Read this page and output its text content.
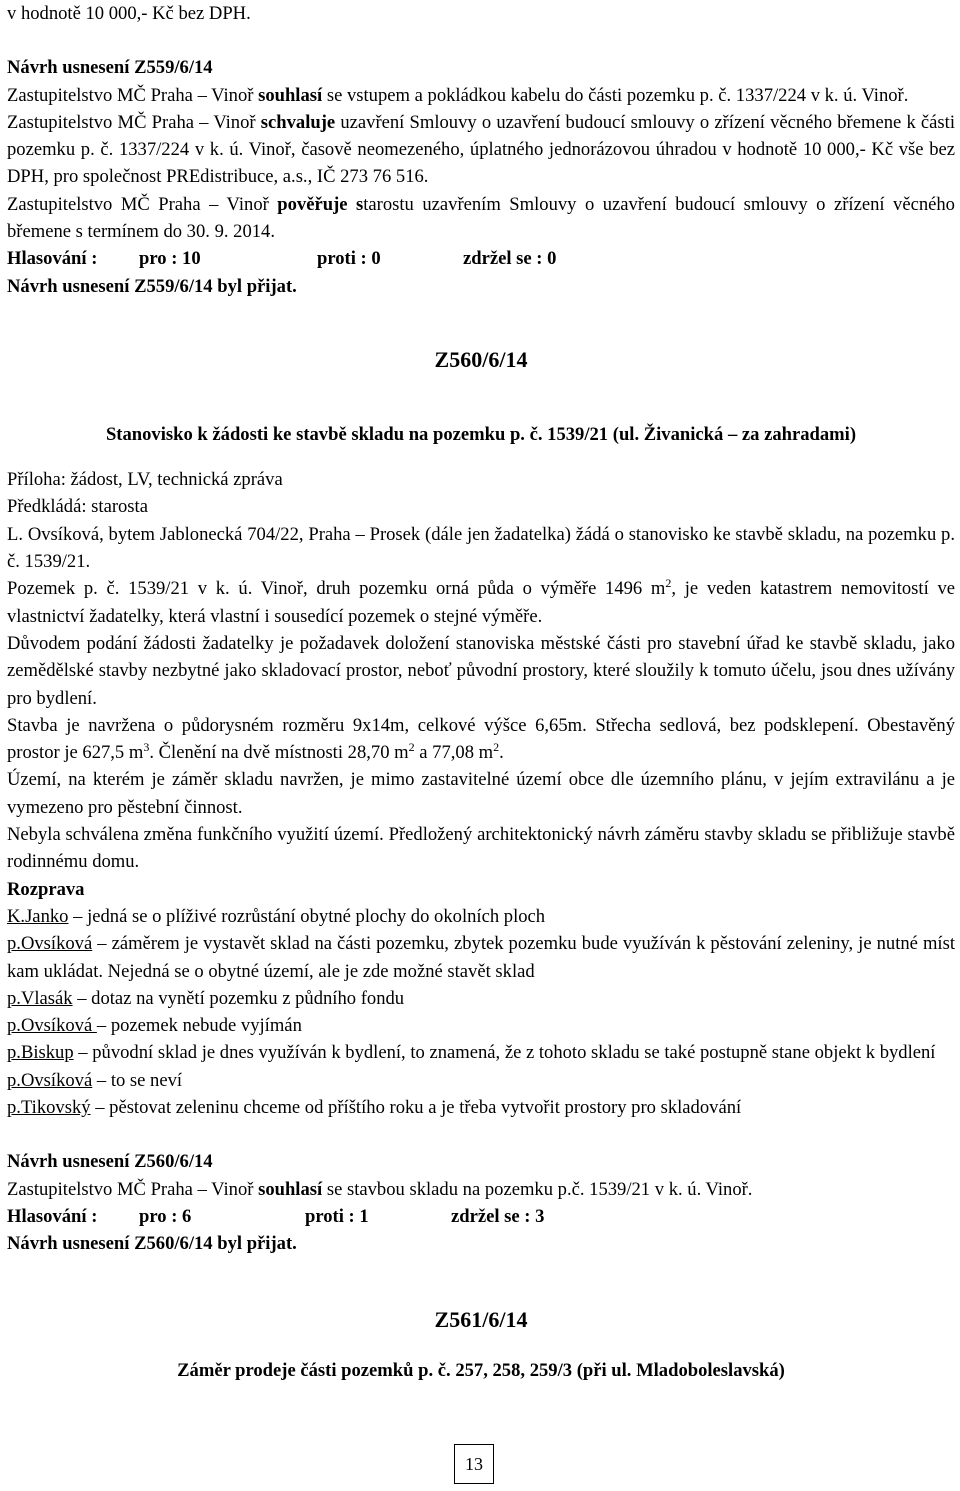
v hodnotě 10 000,- Kč bez DPH.

Návrh usnesení Z559/6/14

Zastupitelstvo MČ Praha – Vinoř souhlasí se vstupem a pokládkou kabelu do části pozemku p. č. 1337/224 v k. ú. Vinoř.

Zastupitelstvo MČ Praha – Vinoř schvaluje uzavření Smlouvy o uzavření budoucí smlouvy o zřízení věcného břemene k části pozemku p. č. 1337/224 v k. ú. Vinoř, časově neomezeného, úplatného jednorázovou úhradou v hodnotě 10 000,- Kč vše bez DPH, pro společnost PREdistribuce, a.s., IČ 273 76 516.

Zastupitelstvo MČ Praha – Vinoř pověřuje starostu uzavřením Smlouvy o uzavření budoucí smlouvy o zřízení věcného břemene s termínem do 30. 9. 2014.

Hlasování :	pro : 10	proti : 0	zdržel se : 0

Návrh usnesení Z559/6/14 byl přijat.

Z560/6/14

Stanovisko k žádosti ke stavbě skladu na pozemku p. č. 1539/21 (ul. Živanická – za zahradami)

Příloha: žádost, LV, technická zpráva

Předkládá: starosta

L. Ovsíková, bytem Jablonecká 704/22, Praha – Prosek (dále jen žadatelka) žádá o stanovisko ke stavbě skladu, na pozemku p. č. 1539/21.

Pozemek p. č. 1539/21 v k. ú. Vinoř, druh pozemku orná půda o výměře 1496 $m^2$, je veden katastrem nemovitostí ve vlastnictví žadatelky, která vlastní i sousedící pozemek o stejné výměře.

Důvodem podání žádosti žadatelky je požadavek doložení stanoviska městské části pro stavební úřad ke stavbě skladu, jako zemědělské stavby nezbytné jako skladovací prostor, neboť původní prostory, které sloužily k tomuto účelu, jsou dnes užívány pro bydlení.

Stavba je navržena o půdorysném rozměru 9x14m, celkové výšce 6,65m. Střecha sedlová, bez podsklepení. Obestavěný prostor je 627,5 $m^3$. Členění na dvě místnosti 28,70 $m^2$ a 77,08 $m^2$.

Území, na kterém je záměr skladu navržen, je mimo zastavitelné území obce dle územního plánu, v jejím extravilánu a je vymezeno pro pěstební činnost.

Nebyla schválena změna funkčního využití území. Předložený architektonický návrh záměru stavby skladu se přibližuje stavbě rodinnému domu.

Rozprava

K.Janko – jedná se o plíživé rozrůstání obytné plochy do okolních ploch

p.Ovsíková – záměrem je vystavět sklad na části pozemku, zbytek pozemku bude využíván k pěstování zeleniny, je nutné míst kam ukládat. Nejedná se o obytné území, ale je zde možné stavět sklad

p.Vlasák – dotaz na vynětí pozemku z půdního fondu

p.Ovsíková – pozemek nebude vyjímán

p.Biskup – původní sklad je dnes využíván k bydlení, to znamená, že z tohoto skladu se také postupně stane objekt k bydlení

p.Ovsíková – to se neví

p.Tikovský – pěstovat zeleninu chceme od příštího roku a je třeba vytvořit prostory pro skladování

Návrh usnesení Z560/6/14

Zastupitelstvo MČ Praha – Vinoř souhlasí se stavbou skladu na pozemku p.č. 1539/21 v k. ú. Vinoř.

Hlasování :	pro : 6	proti : 1	zdržel se : 3

Návrh usnesení Z560/6/14 byl přijat.

Z561/6/14

Záměr prodeje části pozemků p. č. 257, 258, 259/3 (při ul. Mladoboleslavská)

13
